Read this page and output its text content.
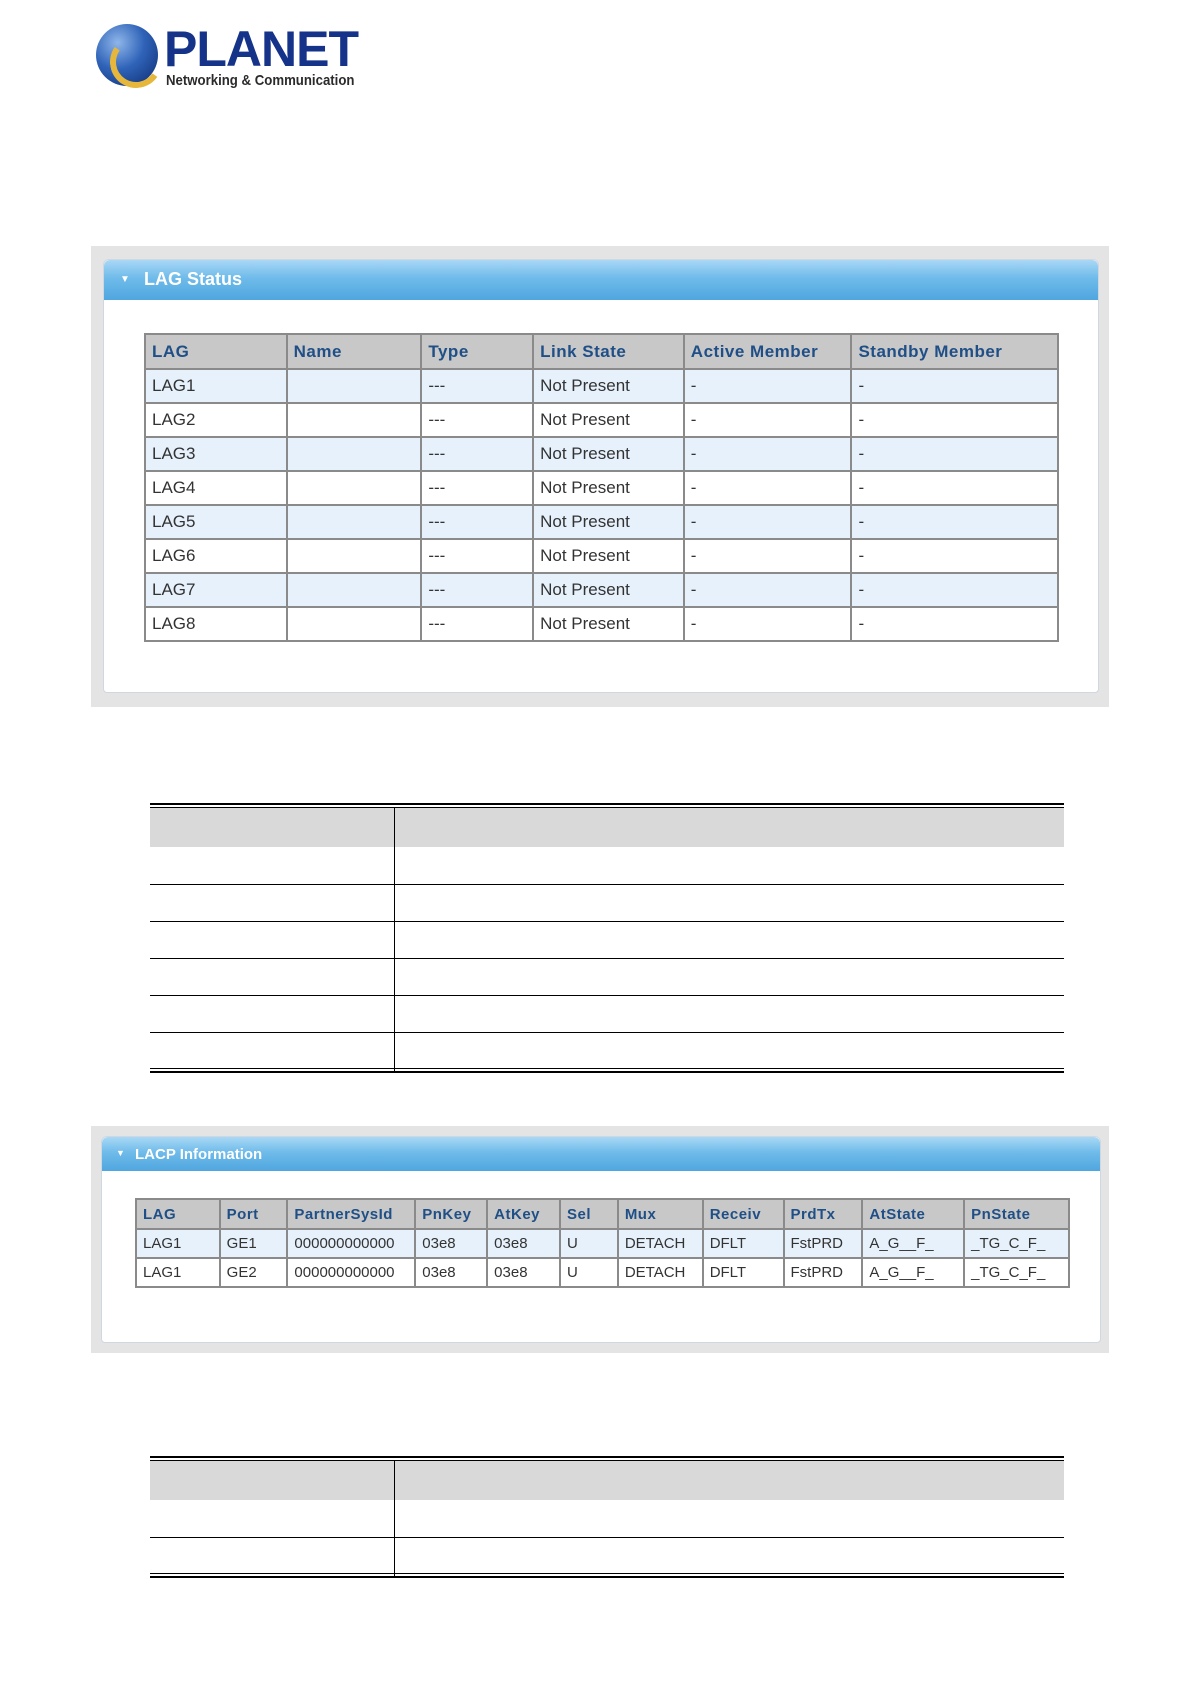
PLANET
Networking & Communication
▼ LAG Status
LAG	Name	Type	Link State	Active Member	Standby Member
LAG1		---	Not Present	-	-
LAG2		---	Not Present	-	-
LAG3		---	Not Present	-	-
LAG4		---	Not Present	-	-
LAG5		---	Not Present	-	-
LAG6		---	Not Present	-	-
LAG7		---	Not Present	-	-
LAG8		---	Not Present	-	-
▼ LACP Information
LAG	Port	PartnerSysId	PnKey	AtKey	Sel	Mux	Receiv	PrdTx	AtState	PnState
LAG1	GE1	000000000000	03e8	03e8	U	DETACH	DFLT	FstPRD	A_G__F_	_TG_C_F_
LAG1	GE2	000000000000	03e8	03e8	U	DETACH	DFLT	FstPRD	A_G__F_	_TG_C_F_
